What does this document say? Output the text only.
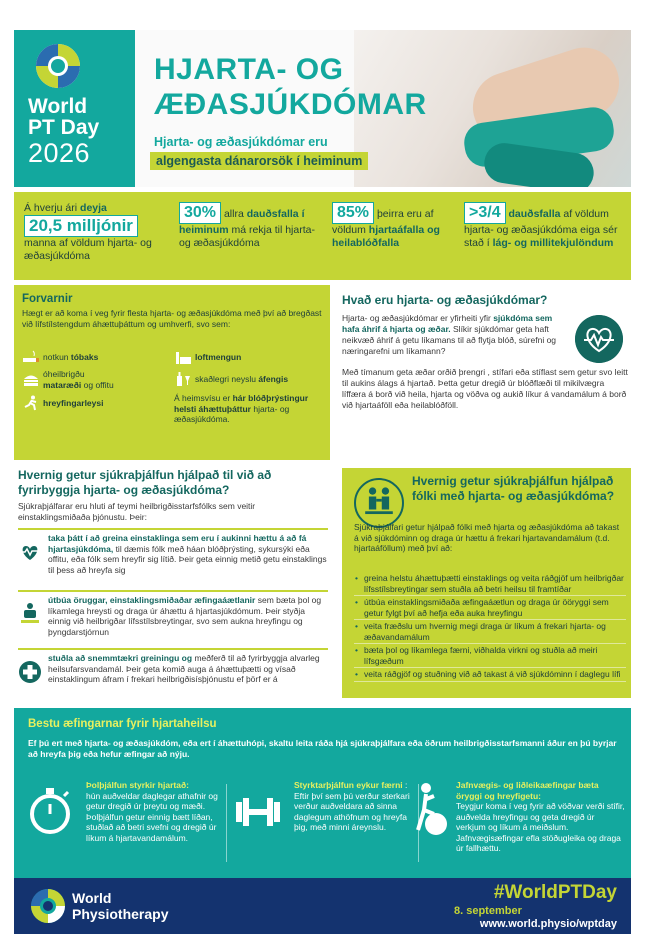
World
PT Day
2026
HJARTA- OG
ÆÐASJÚKDÓMAR
Hjarta- og æðasjúkdómar eru
algengasta dánarorsök í heiminum
Á hverju ári deyja
20,5 milljónir
manna af völdum hjarta- og æðasjúkdóma
30% allra dauðsfalla í heiminum má rekja til hjarta- og æðasjúkdóma
85% þeirra eru af völdum hjartaáfalla og heilablóðfalla
>3/4 dauðsfalla af völdum hjarta- og æðasjúkdóma eiga sér stað í lág- og millitekjulöndum
Forvarnir
Hægt er að koma í veg fyrir flesta hjarta- og æðasjúkdóma með því að bregðast við lífstílstengdum áhættuþáttum og umhverfi, svo sem:
notkun tóbaks	loftmengun
óheilbrigðu
mataræði og offitu
skaðlegri neyslu áfengis
hreyfingarleysi	Á heimsvísu er hár blóðþrýstingur helsti áhættuþáttur hjarta- og æðasjúkdóma.
Hvað eru hjarta- og æðasjúkdómar?
Hjarta- og æðasjúkdómar er yfirheiti yfir sjúkdóma sem hafa áhrif á hjarta og æðar. Slíkir sjúkdómar geta haft neikvæð áhrif á getu líkamans til að flytja blóð, súrefni og næringarefni um líkamann?
Með tímanum geta æðar orðið þrengri , stífari eða stíflast sem getur svo leitt til aukins álags á hjartað. Þetta getur dregið úr blóðflæði til mikilvægra líffæra á borð við heila, hjarta og vöðva og aukið líkur á vandamálum á borð við hjartaáföll eða heilablóðföll.
Hvernig getur sjúkraþjálfun hjálpað til við að fyrirbyggja hjarta- og æðasjúkdóma?
Sjúkraþjálfarar eru hluti af teymi heilbrigðisstarfsfólks sem veitir einstaklingsmiðaða þjónustu. Þeir:
taka þátt í að greina einstaklinga sem eru í aukinni hættu á að fá hjartasjúkdóma, til dæmis fólk með háan blóðþrýsting, sykursýki eða offitu, eða fólk sem hreyfir sig lítið. Þeir geta einnig metið getu einstaklings til þess að hreyfa sig
útbúa öruggar, einstaklingsmiðaðar æfingaáætlanir sem bæta þol og líkamlega hreysti og draga úr áhættu á hjartasjúkdómum. Þeir styðja einnig við heilbrigðar lífsstílsbreytingar, svo sem aukna hreyfingu og þyngdarstjórnun
stuðla að snemmtækri greiningu og meðferð til að fyrirbyggja alvarleg heilsufarsvandamál. Þeir geta komið auga á áhættuþætti og vísað einstaklingum áfram í frekari heilbrigðisísþjónustu ef þörf er á
Hvernig getur sjúkraþjálfun hjálpað fólki með hjarta- og æðasjúkdóma?
Sjúkraþjálfari getur hjálpað fólki með hjarta og æðasjúkdóma að takast á við sjúkdóminn og draga úr hættu á frekari hjartavandamálum (t.d. hjartaáföllum) með því að:
• greina helstu áhættuþætti einstaklings og veita ráðgjöf um heilbrigðar lífsstílsbreytingar sem stuðla að betri heilsu til framtíðar
• útbúa einstaklingsmiðaða æfingaáætlun og draga úr ööryggi sem getur fylgt því að hefja eða auka hreyfingu
• veita fræðslu um hvernig megi draga úr líkum á frekari hjarta- og æðavandamálum
• bæta þol og líkamlega færni, viðhalda virkni og stuðla að meiri lífsgæðum
• veita ráðgjöf og stuðning við að takast á við sjúkdóminn í daglegu lífi
Bestu æfingarnar fyrir hjartaheilsu
Ef þú ert með hjarta- og æðasjúkdóm, eða ert í áhættuhópi, skaltu leita ráða hjá sjúkraþjálfara eða öðrum heilbrigðisstarfsmanni áður en þú byrjar að hreyfa þig eða hefur æfingar að nýju.
Þolþjálfun styrkir hjartað:
hún auðveldar daglegar athafnir og getur dregið úr þreytu og mæði. Þolþjálfun getur einnig bætt líðan, stuðlað að betri svefni og dregið úr líkum á hjartavandamálum.
Styrktarþjálfun eykur færni : Eftir því sem þú verður sterkari verður auðveldara að sinna daglegum athöfnum og hreyfa þig, með minni áreynslu.
Jafnvægis- og liðleikaæfingar bæta öryggi og hreyfigetu:
Teygjur koma í veg fyrir að vöðvar verði stífir, auðvelda hreyfingu og geta dregið úr verkjum og líkum á meiðslum. Jafnvægisæfingar efla stöðugleika og draga úr fallhættu.
World
Physiotherapy
#WorldPTDay
8. september
www.world.physio/wptday
